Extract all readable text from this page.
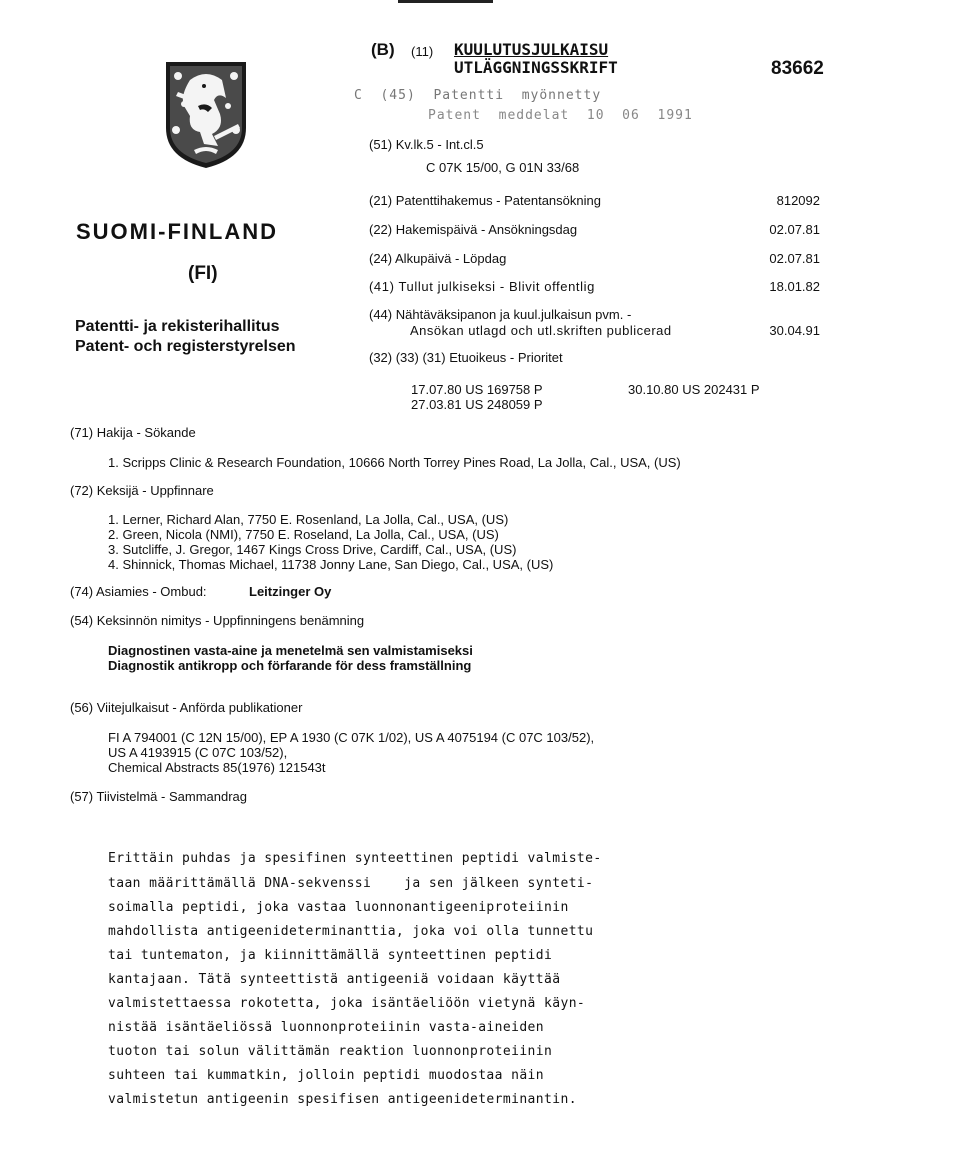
(B) (11) KUULUTUSJULKAISU
UTLÄGGNINGSSKRIFT	83662
C  (45)  Patentti  myönnetty
Patent  meddelat  10  06  1991
SUOMI-FINLAND
(FI)
Patentti- ja rekisterihallitus
Patent- och registerstyrelsen
(51) Kv.lk.5 - Int.cl.5
C 07K 15/00, G 01N 33/68
(21) Patenttihakemus - Patentansökning	812092
(22) Hakemispäivä - Ansökningsdag	02.07.81
(24) Alkupäivä - Löpdag	02.07.81
(41) Tullut julkiseksi - Blivit offentlig	18.01.82
(44) Nähtäväksipanon ja kuul.julkaisun pvm. -
Ansökan utlagd och utl.skriften publicerad	30.04.91
(32) (33) (31) Etuoikeus - Prioritet
17.07.80 US 169758 P	30.10.80 US 202431 P
27.03.81 US 248059 P
(71) Hakija - Sökande
1. Scripps Clinic & Research Foundation, 10666 North Torrey Pines Road, La Jolla, Cal., USA, (US)
(72) Keksijä - Uppfinnare
1. Lerner, Richard Alan, 7750 E. Rosenland, La Jolla, Cal., USA, (US)
2. Green, Nicola (NMI), 7750 E. Roseland, La Jolla, Cal., USA, (US)
3. Sutcliffe, J. Gregor, 1467 Kings Cross Drive, Cardiff, Cal., USA, (US)
4. Shinnick, Thomas Michael, 11738 Jonny Lane, San Diego, Cal., USA, (US)
(74) Asiamies - Ombud:	Leitzinger Oy
(54) Keksinnön nimitys - Uppfinningens benämning
Diagnostinen vasta-aine ja menetelmä sen valmistamiseksi
Diagnostik antikropp och förfarande för dess framställning
(56) Viitejulkaisut - Anförda publikationer
FI A 794001 (C 12N 15/00), EP A 1930 (C 07K 1/02), US A 4075194 (C 07C 103/52),
US A 4193915 (C 07C 103/52),
Chemical Abstracts 85(1976) 121543t
(57) Tiivistelmä - Sammandrag
Erittäin puhdas ja spesifinen synteettinen peptidi valmiste-
taan määrittämällä DNA-sekvenssi    ja sen jälkeen synteti-
soimalla peptidi, joka vastaa luonnonantigeeniproteiinin
mahdollista antigeenideterminanttia, joka voi olla tunnettu
tai tuntematon, ja kiinnittämällä synteettinen peptidi
kantajaan. Tätä synteettistä antigeeniä voidaan käyttää
valmistettaessa rokotetta, joka isäntäeliöön vietynä käyn-
nistää isäntäeliössä luonnonproteiinin vasta-aineiden
tuoton tai solun välittämän reaktion luonnonproteiinin
suhteen tai kummatkin, jolloin peptidi muodostaa näin
valmistetun antigeenin spesifisen antigeenideterminantin.
